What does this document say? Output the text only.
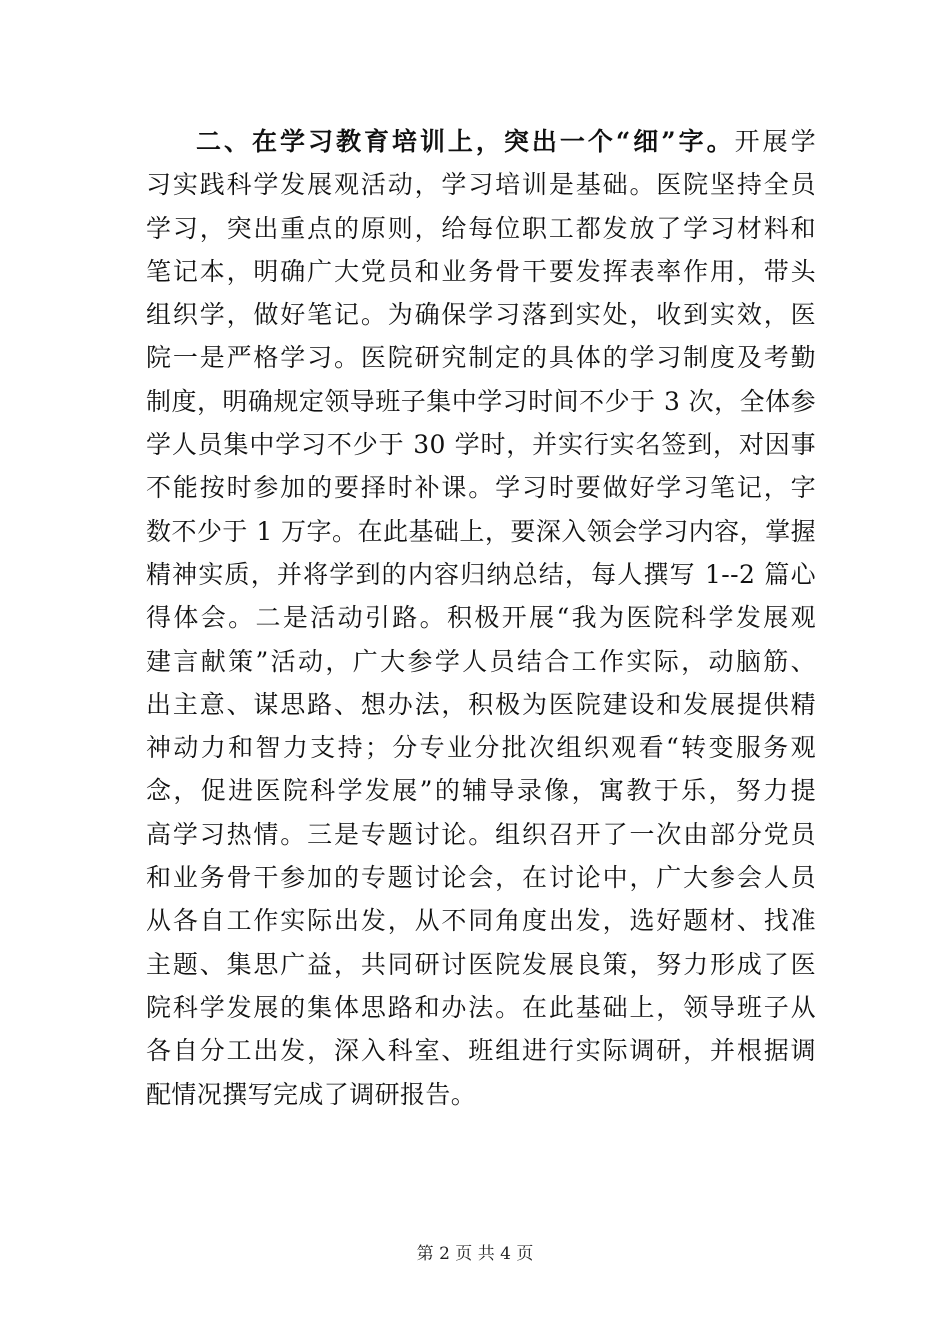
二、在学习教育培训上，突出一个“细”字。开展学
习实践科学发展观活动，学习培训是基础。医院坚持全员
学习，突出重点的原则，给每位职工都发放了学习材料和
笔记本，明确广大党员和业务骨干要发挥表率作用，带头
组织学，做好笔记。为确保学习落到实处，收到实效，医
院一是严格学习。医院研究制定的具体的学习制度及考勤
制度，明确规定领导班子集中学习时间不少于 3 次，全体参
学人员集中学习不少于 30 学时，并实行实名签到，对因事
不能按时参加的要择时补课。学习时要做好学习笔记，字
数不少于 1 万字。在此基础上，要深入领会学习内容，掌握
精神实质，并将学到的内容归纳总结，每人撰写 1--2 篇心
得体会。二是活动引路。积极开展“我为医院科学发展观
建言献策”活动，广大参学人员结合工作实际，动脑筋、
出主意、谋思路、想办法，积极为医院建设和发展提供精
神动力和智力支持；分专业分批次组织观看“转变服务观
念，促进医院科学发展”的辅导录像，寓教于乐，努力提
高学习热情。三是专题讨论。组织召开了一次由部分党员
和业务骨干参加的专题讨论会，在讨论中，广大参会人员
从各自工作实际出发，从不同角度出发，选好题材、找准
主题、集思广益，共同研讨医院发展良策，努力形成了医
院科学发展的集体思路和办法。在此基础上，领导班子从
各自分工出发，深入科室、班组进行实际调研，并根据调
配情况撰写完成了调研报告。
第 2 页 共 4 页
